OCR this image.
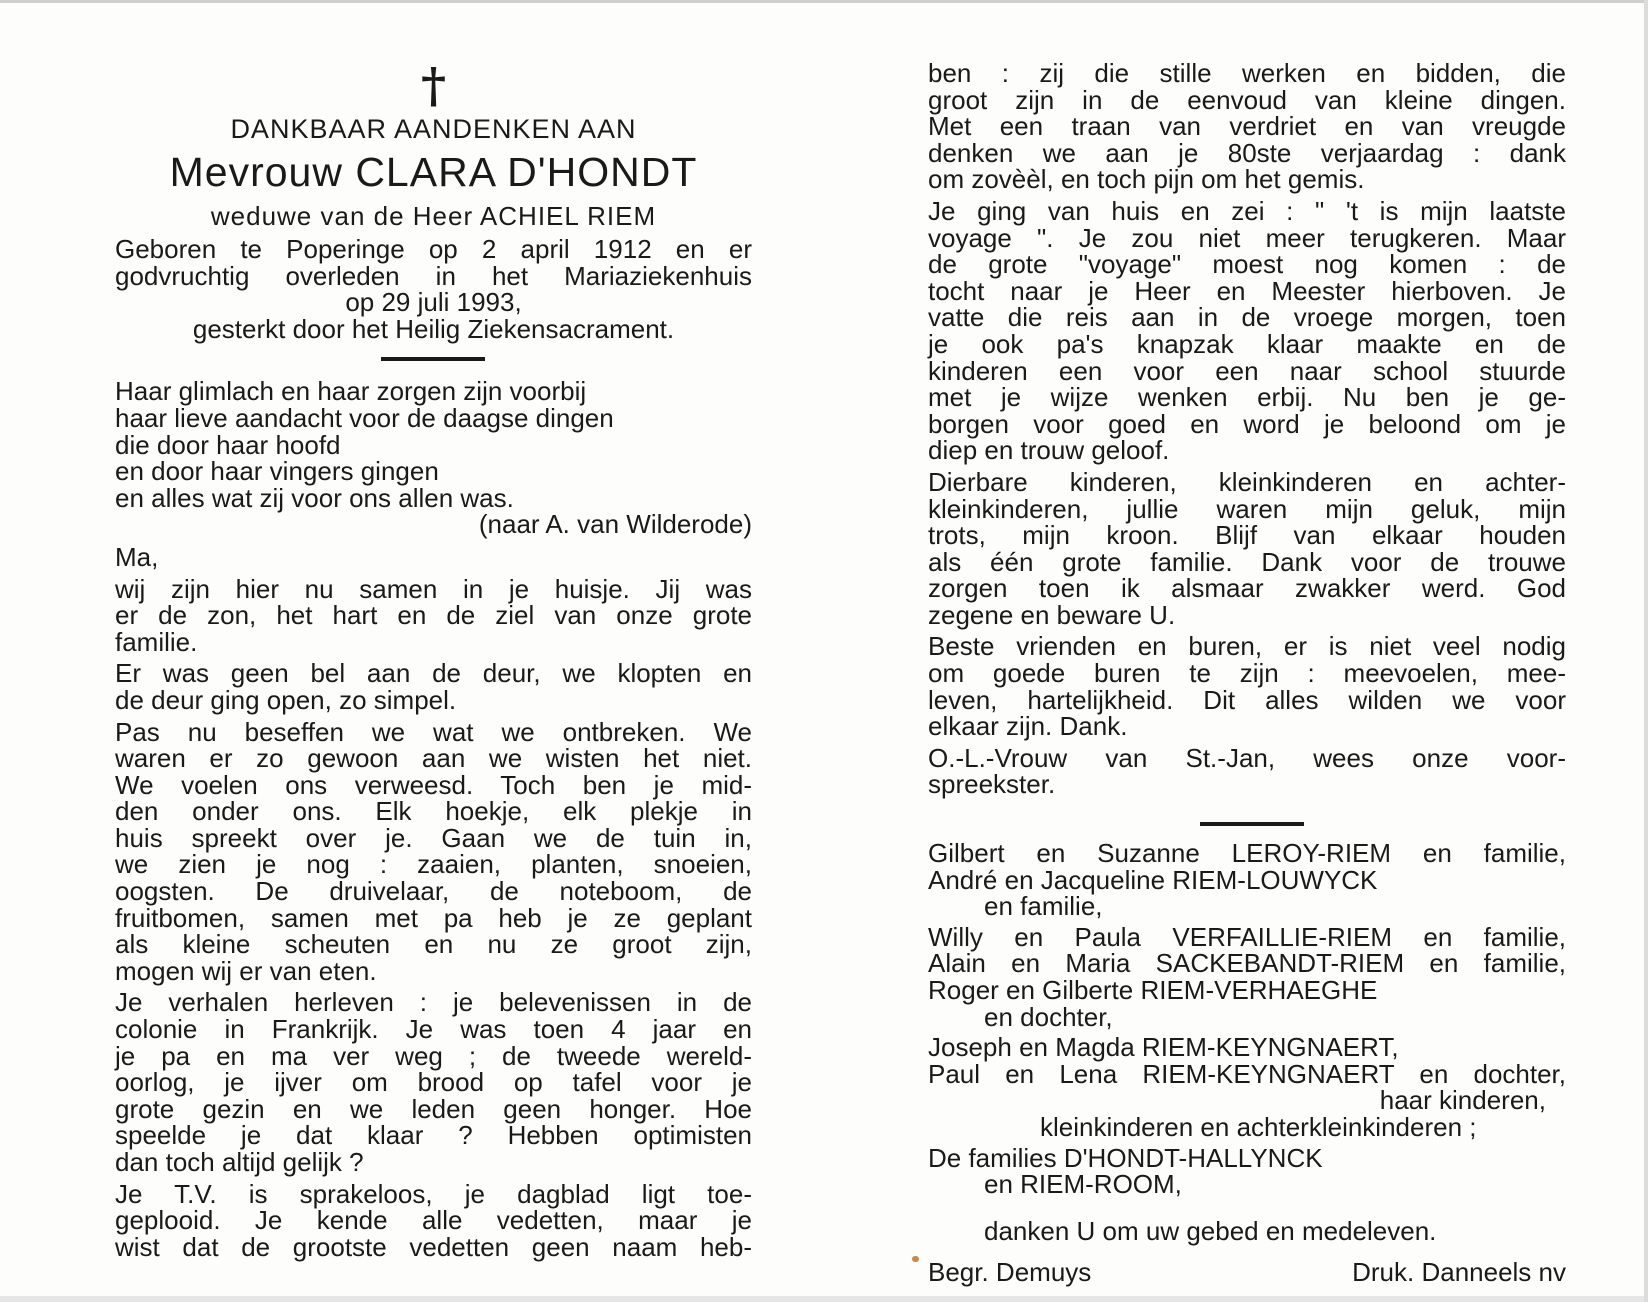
†
DANKBAAR AANDENKEN AAN
Mevrouw CLARA D'HONDT
weduwe van de Heer ACHIEL RIEM
Geboren te Poperinge op 2 april 1912 en er
godvruchtig overleden in het Mariaziekenhuis
op 29 juli 1993,
gesterkt door het Heilig Ziekensacrament.
Haar glimlach en haar zorgen zijn voorbij
haar lieve aandacht voor de daagse dingen
die door haar hoofd
en door haar vingers gingen
en alles wat zij voor ons allen was.
(naar A. van Wilderode)
Ma,
wij zijn hier nu samen in je huisje. Jij was
er de zon, het hart en de ziel van onze grote
familie.
Er was geen bel aan de deur, we klopten en
de deur ging open, zo simpel.
Pas nu beseffen we wat we ontbreken. We
waren er zo gewoon aan we wisten het niet.
We voelen ons verweesd. Toch ben je mid-
den onder ons. Elk hoekje, elk plekje in
huis spreekt over je. Gaan we de tuin in,
we zien je nog : zaaien, planten, snoeien,
oogsten. De druivelaar, de noteboom, de
fruitbomen, samen met pa heb je ze geplant
als kleine scheuten en nu ze groot zijn,
mogen wij er van eten.
Je verhalen herleven : je belevenissen in de
colonie in Frankrijk. Je was toen 4 jaar en
je pa en ma ver weg ; de tweede wereld-
oorlog, je ijver om brood op tafel voor je
grote gezin en we leden geen honger. Hoe
speelde je dat klaar ? Hebben optimisten
dan toch altijd gelijk ?
Je T.V. is sprakeloos, je dagblad ligt toe-
geplooid. Je kende alle vedetten, maar je
wist dat de grootste vedetten geen naam heb-
ben : zij die stille werken en bidden, die
groot zijn in de eenvoud van kleine dingen.
Met een traan van verdriet en van vreugde
denken we aan je 80ste verjaardag : dank
om zovèèl, en toch pijn om het gemis.
Je ging van huis en zei : " 't is mijn laatste
voyage ". Je zou niet meer terugkeren. Maar
de grote "voyage" moest nog komen : de
tocht naar je Heer en Meester hierboven. Je
vatte die reis aan in de vroege morgen, toen
je ook pa's knapzak klaar maakte en de
kinderen een voor een naar school stuurde
met je wijze wenken erbij. Nu ben je ge-
borgen voor goed en word je beloond om je
diep en trouw geloof.
Dierbare kinderen, kleinkinderen en achter-
kleinkinderen, jullie waren mijn geluk, mijn
trots, mijn kroon. Blijf van elkaar houden
als één grote familie. Dank voor de trouwe
zorgen toen ik alsmaar zwakker werd. God
zegene en beware U.
Beste vrienden en buren, er is niet veel nodig
om goede buren te zijn : meevoelen, mee-
leven, hartelijkheid. Dit alles wilden we voor
elkaar zijn. Dank.
O.-L.-Vrouw van St.-Jan, wees onze voor-
spreekster.
Gilbert en Suzanne LEROY-RIEM en familie,
André en Jacqueline RIEM-LOUWYCK
en familie,
Willy en Paula VERFAILLIE-RIEM en familie,
Alain en Maria SACKEBANDT-RIEM en familie,
Roger en Gilberte RIEM-VERHAEGHE
en dochter,
Joseph en Magda RIEM-KEYNGNAERT,
Paul en Lena RIEM-KEYNGNAERT en dochter,
haar kinderen,
kleinkinderen en achterkleinkinderen ;
De families D'HONDT-HALLYNCK
en RIEM-ROOM,
danken U om uw gebed en medeleven.
Begr. Demuys	Druk. Danneels nv
